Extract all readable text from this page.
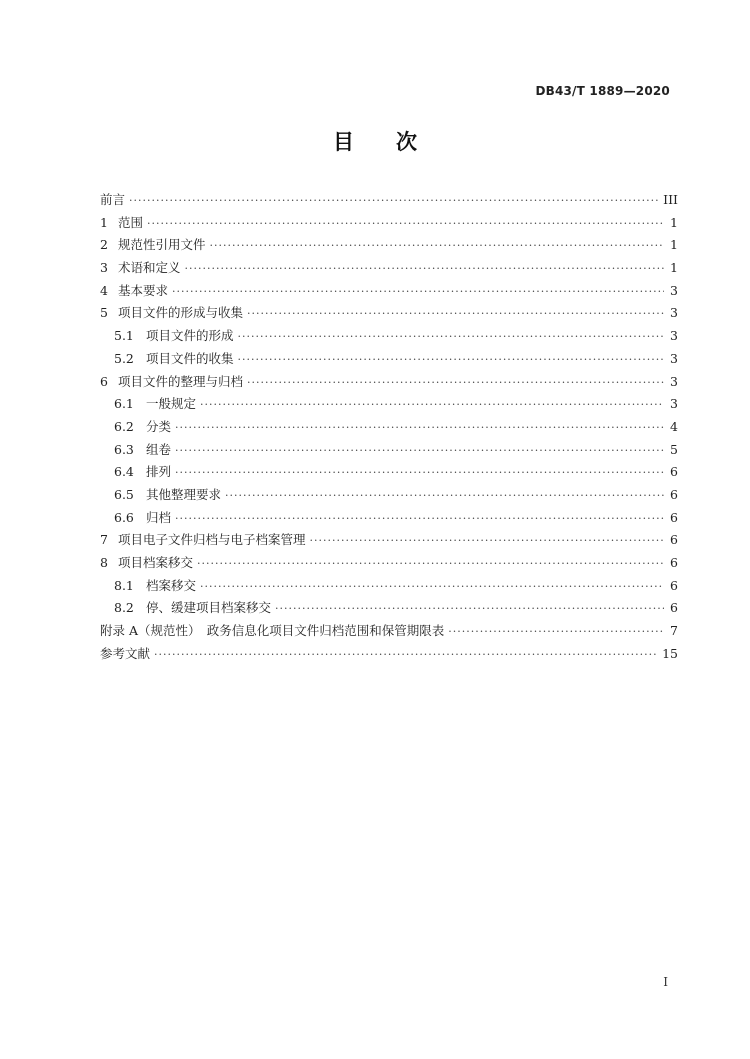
DB43/T 1889—2020
目次
前言 ·····	III
1 范围 ·····	1
2 规范性引用文件 ·····	1
3 术语和定义 ·····	1
4 基本要求 ·····	3
5 项目文件的形成与收集 ·····	3
5.1 项目文件的形成 ·····	3
5.2 项目文件的收集 ·····	3
6 项目文件的整理与归档 ·····	3
6.1 一般规定 ·····	3
6.2 分类 ·····	4
6.3 组卷 ·····	5
6.4 排列 ·····	6
6.5 其他整理要求 ·····	6
6.6 归档 ·····	6
7 项目电子文件归档与电子档案管理 ·····	6
8 项目档案移交 ·····	6
8.1 档案移交 ·····	6
8.2 停、缓建项目档案移交 ·····	6
附录 A（规范性）　政务信息化项目文件归档范围和保管期限表 ·····	7
参考文献 ·····	15
I
